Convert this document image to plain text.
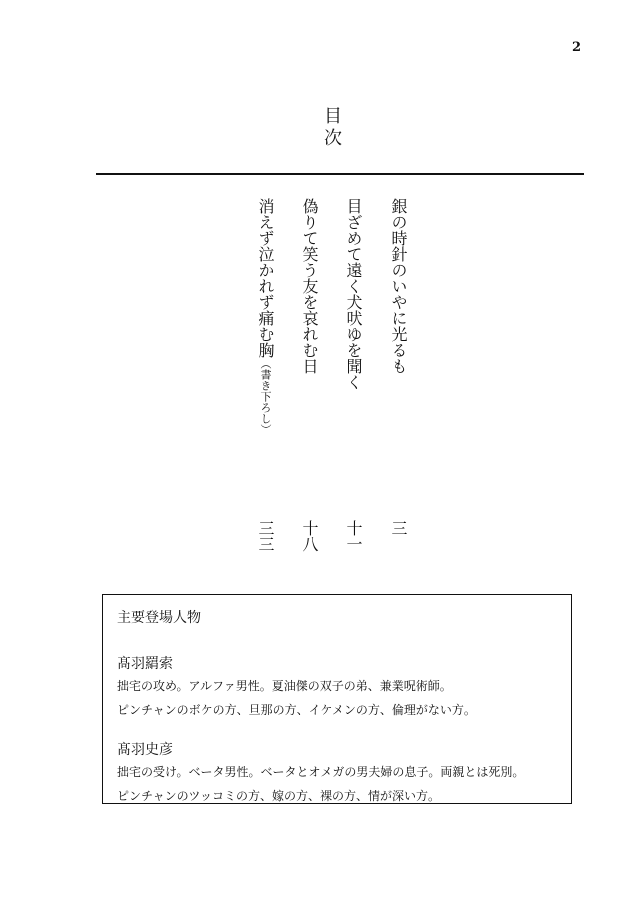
2
目次
銀の時針のいやに光るも
三
目ざめて遠く犬吠ゆを聞く
十一
偽りて笑う友を哀れむ日
十八
消えず泣かれず痛む胸（書き下ろし）
三三
主要登場人物
髙羽羂索
拙宅の攻め。アルファ男性。夏油傑の双子の弟、兼業呪術師。
ピンチャンのボケの方、旦那の方、イケメンの方、倫理がない方。
髙羽史彦
拙宅の受け。ベータ男性。ベータとオメガの男夫婦の息子。両親とは死別。
ピンチャンのツッコミの方、嫁の方、裸の方、情が深い方。
